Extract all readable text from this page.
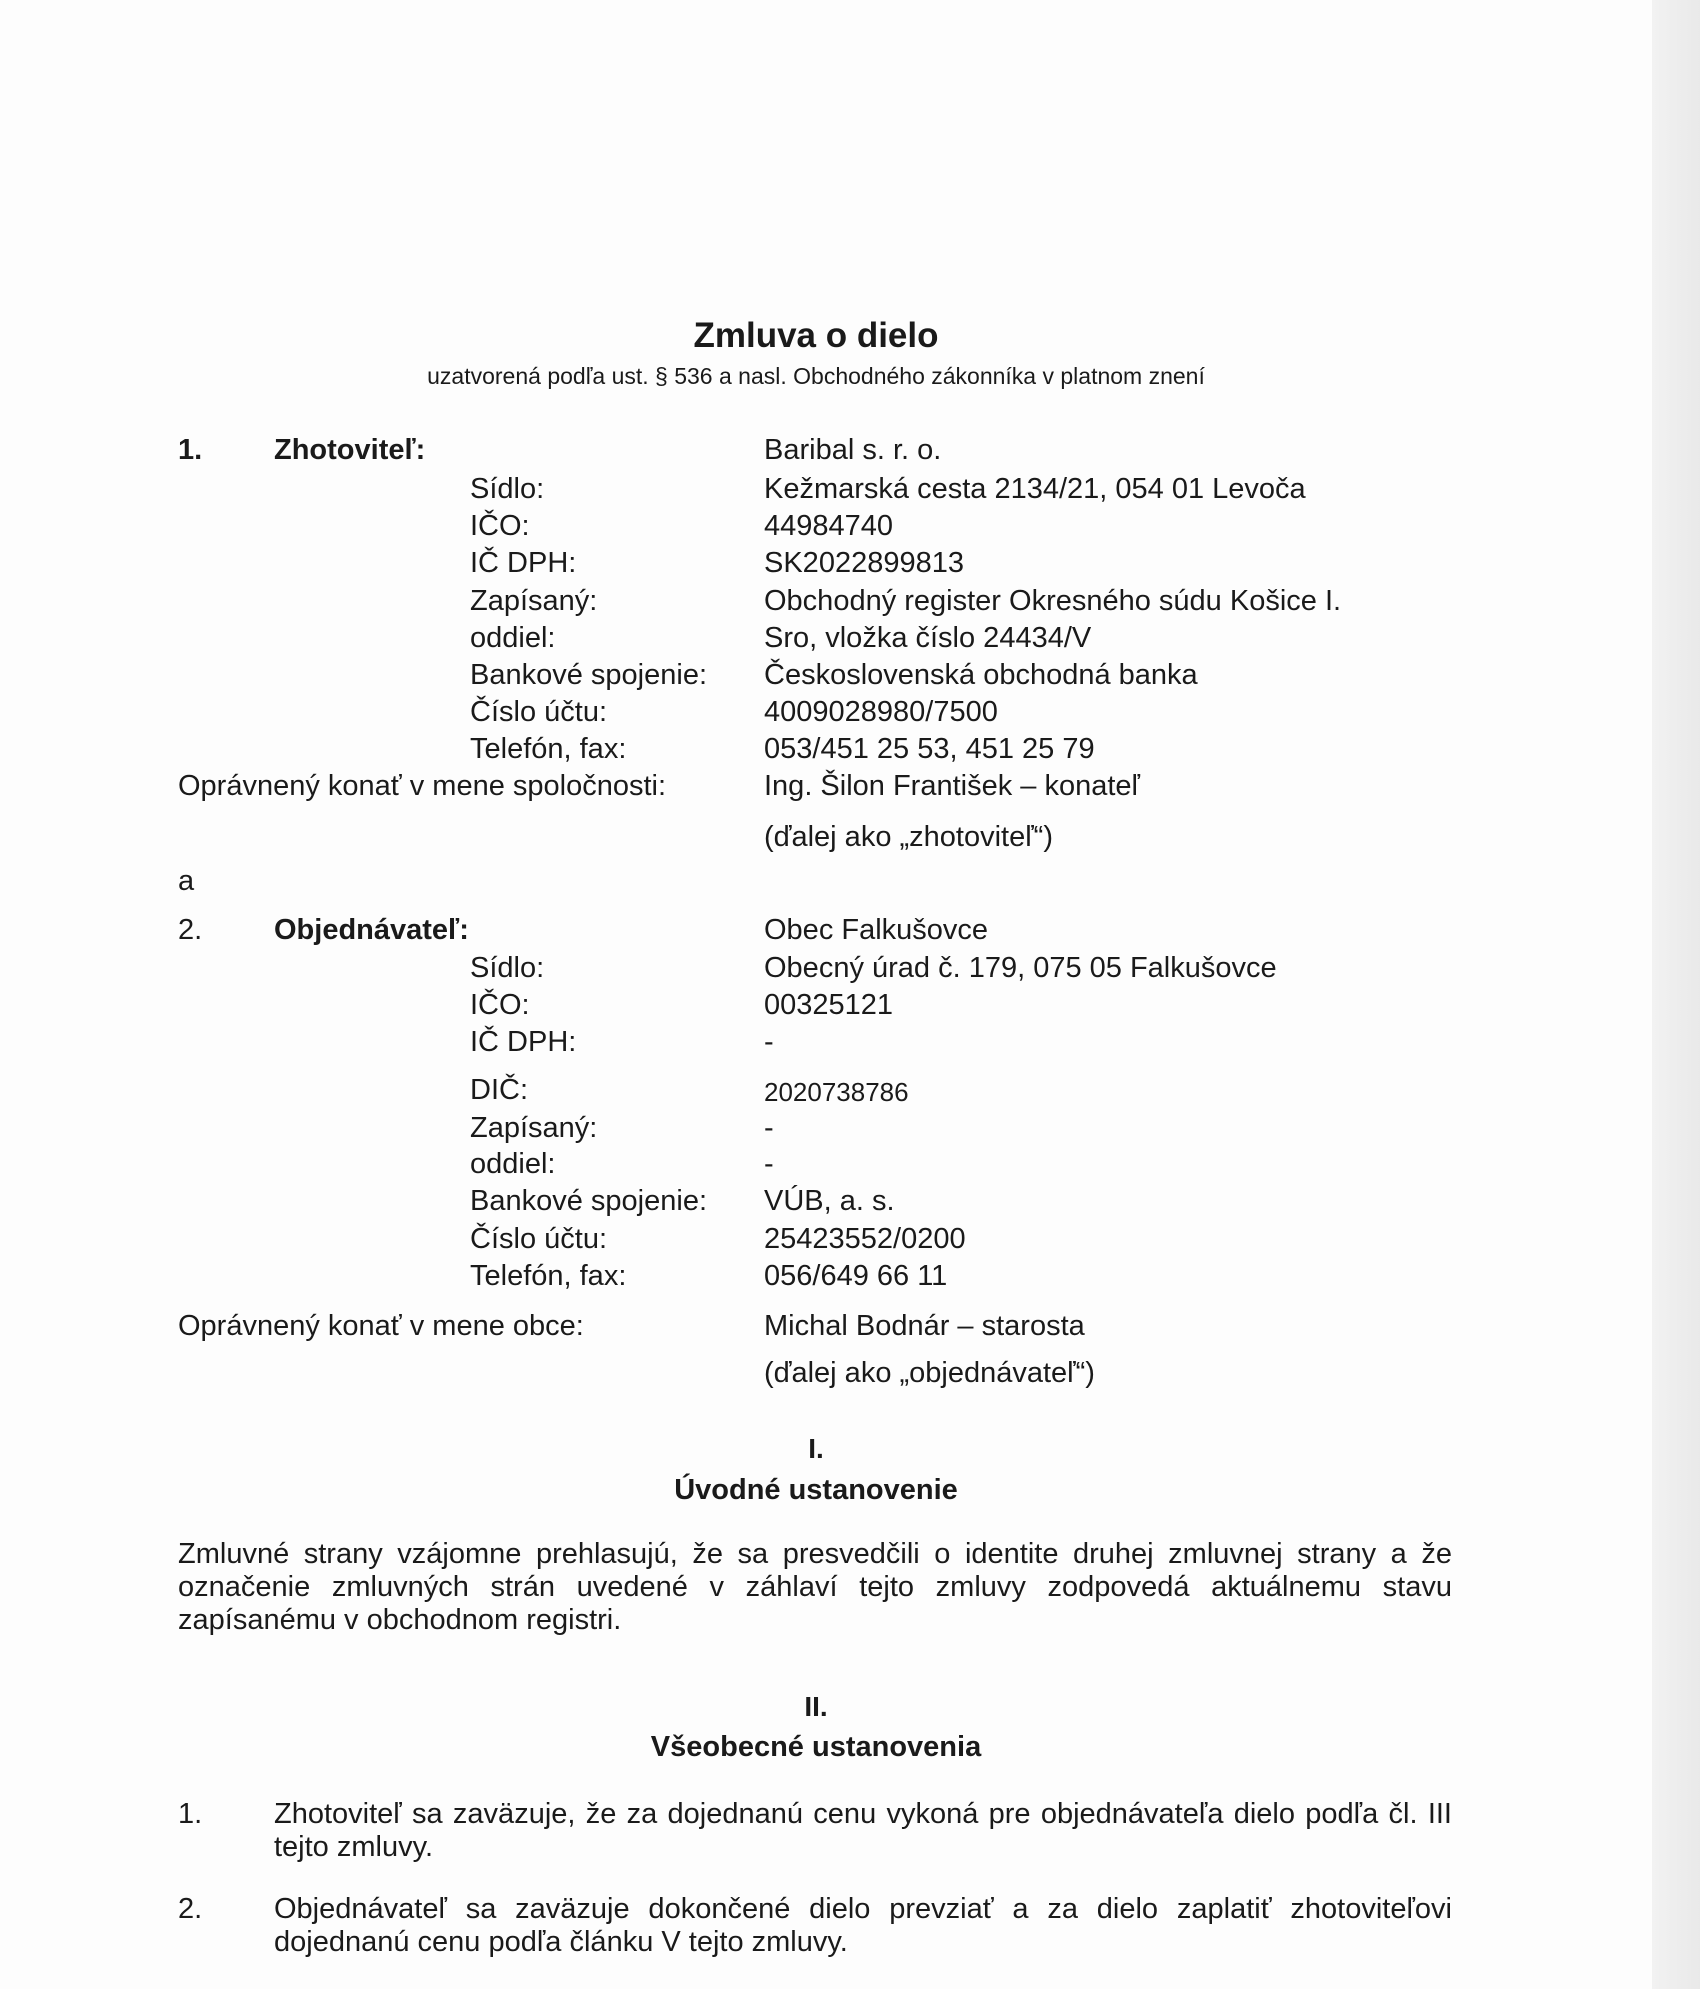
Zmluva o dielo
uzatvorená podľa ust. § 536 a nasl. Obchodného zákonníka v platnom znení
1. Zhotoviteľ:	Baribal s. r. o.
Sídlo:	Kežmarská cesta 2134/21, 054 01 Levoča
IČO:	44984740
IČ DPH:	SK2022899813
Zapísaný:	Obchodný register Okresného súdu Košice I.
oddiel:	Sro, vložka číslo 24434/V
Bankové spojenie: Československá obchodná banka
Číslo účtu:	4009028980/7500
Telefón, fax:	053/451 25 53, 451 25 79
Oprávnený konať v mene spoločnosti:	Ing. Šilon František – konateľ
(ďalej ako „zhotoviteľ“)
a
2. Objednávateľ:	Obec Falkušovce
Sídlo:	Obecný úrad č. 179, 075 05 Falkušovce
IČO:	00325121
IČ DPH:	-
DIČ:	2020738786
Zapísaný:	-
oddiel:	-
Bankové spojenie: VÚB, a. s.
Číslo účtu:	25423552/0200
Telefón, fax:	056/649 66 11
Oprávnený konať v mene obce:	Michal Bodnár – starosta
(ďalej ako „objednávateľ“)
I.
Úvodné ustanovenie
Zmluvné strany vzájomne prehlasujú, že sa presvedčili o identite druhej zmluvnej strany a že označenie zmluvných strán uvedené v záhlaví tejto zmluvy zodpovedá aktuálnemu stavu zapísanému v obchodnom registri.
II.
Všeobecné ustanovenia
1. Zhotoviteľ sa zaväzuje, že za dojednanú cenu vykoná pre objednávateľa dielo podľa čl. III tejto zmluvy.
2. Objednávateľ sa zaväzuje dokončené dielo prevziať a za dielo zaplatiť zhotoviteľovi dojednanú cenu podľa článku V tejto zmluvy.
